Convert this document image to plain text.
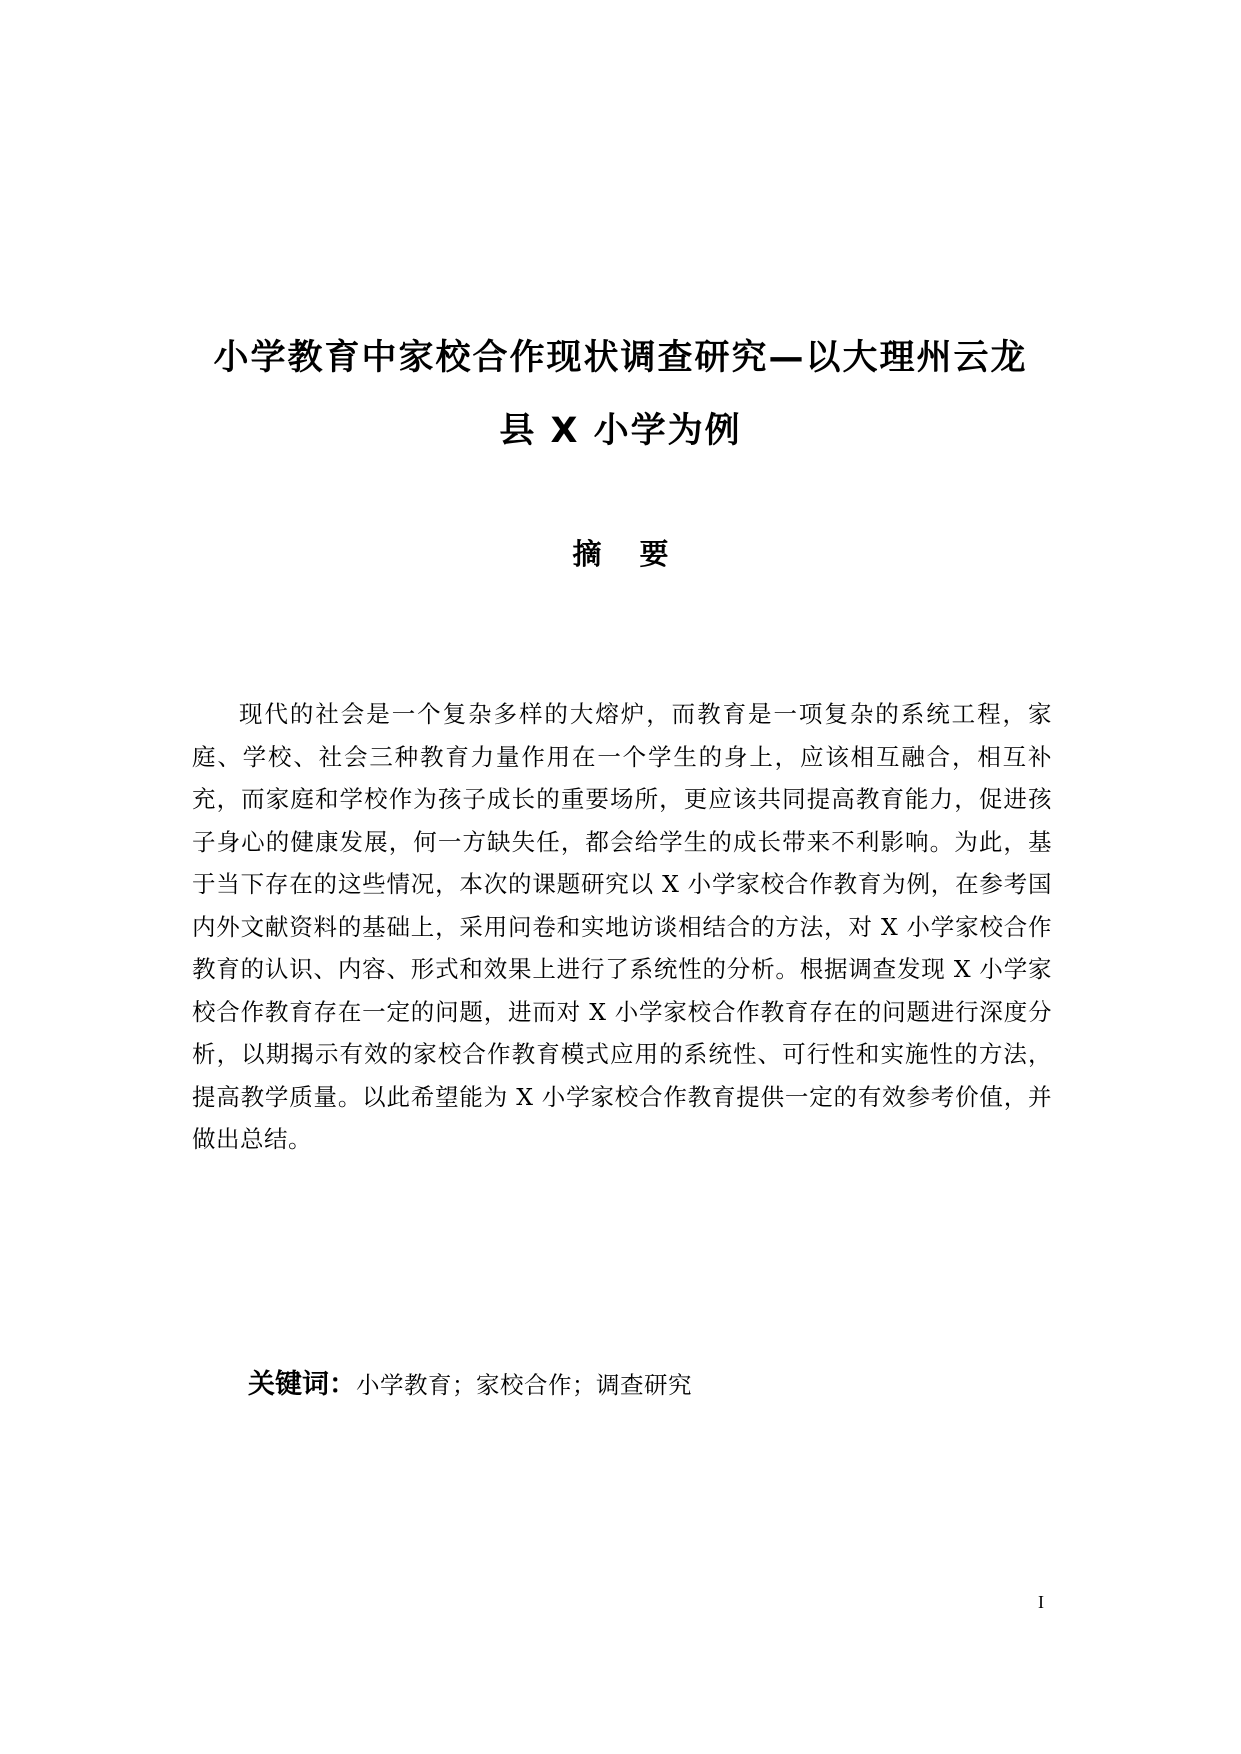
小学教育中家校合作现状调查研究—以大理州云龙
县 X 小学为例
摘 要

现代的社会是一个复杂多样的大熔炉，而教育是一项复杂的系统工程，家庭、学校、社会三种教育力量作用在一个学生的身上，应该相互融合，相互补充，而家庭和学校作为孩子成长的重要场所，更应该共同提高教育能力，促进孩子身心的健康发展，何一方缺失任，都会给学生的成长带来不利影响。为此，基于当下存在的这些情况，本次的课题研究以 X 小学家校合作教育为例，在参考国内外文献资料的基础上，采用问卷和实地访谈相结合的方法，对 X 小学家校合作教育的认识、内容、形式和效果上进行了系统性的分析。根据调查发现 X 小学家校合作教育存在一定的问题，进而对 X 小学家校合作教育存在的问题进行深度分析，以期揭示有效的家校合作教育模式应用的系统性、可行性和实施性的方法，提高教学质量。以此希望能为 X 小学家校合作教育提供一定的有效参考价值，并做出总结。

关键词：小学教育；家校合作；调查研究

I
